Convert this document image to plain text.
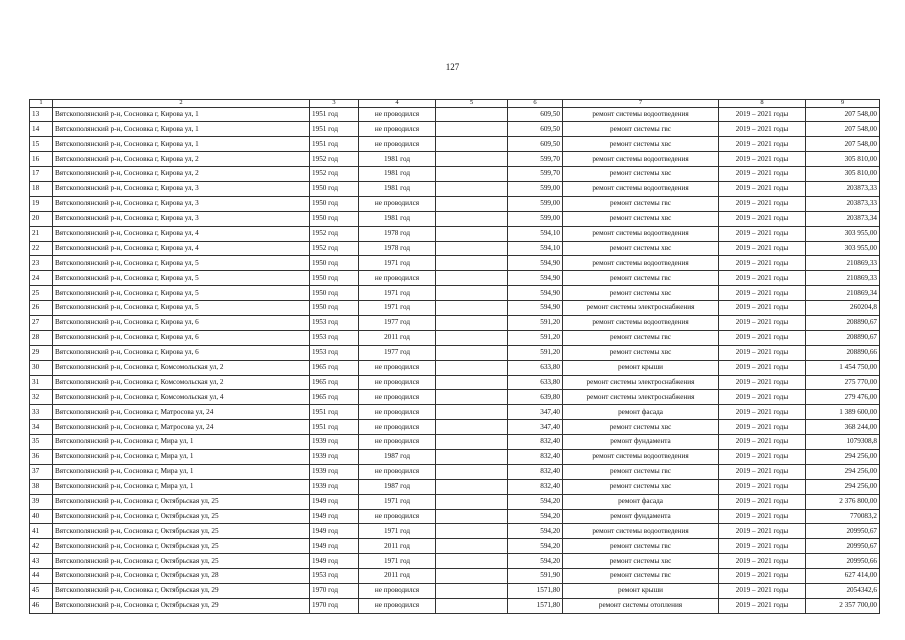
127
1	2	3	4	5	6	7	8	9
13	Вятскополянский р-н, Сосновка г, Кирова ул, 1	1951 год	не проводился		609,50	ремонт системы водоотведения	2019 – 2021 годы	207 548,00
14	Вятскополянский р-н, Сосновка г, Кирова ул, 1	1951 год	не проводился		609,50	ремонт системы гвс	2019 – 2021 годы	207 548,00
15	Вятскополянский р-н, Сосновка г, Кирова ул, 1	1951 год	не проводился		609,50	ремонт системы хвс	2019 – 2021 годы	207 548,00
16	Вятскополянский р-н, Сосновка г, Кирова ул, 2	1952 год	1981 год		599,70	ремонт системы водоотведения	2019 – 2021 годы	305 810,00
17	Вятскополянский р-н, Сосновка г, Кирова ул, 2	1952 год	1981 год		599,70	ремонт системы хвс	2019 – 2021 годы	305 810,00
18	Вятскополянский р-н, Сосновка г, Кирова ул, 3	1950 год	1981 год		599,00	ремонт системы водоотведения	2019 – 2021 годы	203873,33
19	Вятскополянский р-н, Сосновка г, Кирова ул, 3	1950 год	не проводился		599,00	ремонт системы гвс	2019 – 2021 годы	203873,33
20	Вятскополянский р-н, Сосновка г, Кирова ул, 3	1950 год	1981 год		599,00	ремонт системы хвс	2019 – 2021 годы	203873,34
21	Вятскополянский р-н, Сосновка г, Кирова ул, 4	1952 год	1978 год		594,10	ремонт системы водоотведения	2019 – 2021 годы	303 955,00
22	Вятскополянский р-н, Сосновка г, Кирова ул, 4	1952 год	1978 год		594,10	ремонт системы хвс	2019 – 2021 годы	303 955,00
23	Вятскополянский р-н, Сосновка г, Кирова ул, 5	1950 год	1971 год		594,90	ремонт системы водоотведения	2019 – 2021 годы	210869,33
24	Вятскополянский р-н, Сосновка г, Кирова ул, 5	1950 год	не проводился		594,90	ремонт системы гвс	2019 – 2021 годы	210869,33
25	Вятскополянский р-н, Сосновка г, Кирова ул, 5	1950 год	1971 год		594,90	ремонт системы хвс	2019 – 2021 годы	210869,34
26	Вятскополянский р-н, Сосновка г, Кирова ул, 5	1950 год	1971 год		594,90	ремонт системы электроснабжения	2019 – 2021 годы	260204,8
27	Вятскополянский р-н, Сосновка г, Кирова ул, 6	1953 год	1977 год		591,20	ремонт системы водоотведения	2019 – 2021 годы	208890,67
28	Вятскополянский р-н, Сосновка г, Кирова ул, 6	1953 год	2011 год		591,20	ремонт системы гвс	2019 – 2021 годы	208890,67
29	Вятскополянский р-н, Сосновка г, Кирова ул, 6	1953 год	1977 год		591,20	ремонт системы хвс	2019 – 2021 годы	208890,66
30	Вятскополянский р-н, Сосновка г, Комсомольская ул, 2	1965 год	не проводился		633,80	ремонт крыши	2019 – 2021 годы	1 454 750,00
31	Вятскополянский р-н, Сосновка г, Комсомольская ул, 2	1965 год	не проводился		633,80	ремонт системы электроснабжения	2019 – 2021 годы	275 770,00
32	Вятскополянский р-н, Сосновка г, Комсомольская ул, 4	1965 год	не проводился		639,80	ремонт системы электроснабжения	2019 – 2021 годы	279 476,00
33	Вятскополянский р-н, Сосновка г, Матросова ул, 24	1951 год	не проводился		347,40	ремонт фасада	2019 – 2021 годы	1 389 600,00
34	Вятскополянский р-н, Сосновка г, Матросова ул, 24	1951 год	не проводился		347,40	ремонт системы хвс	2019 – 2021 годы	368 244,00
35	Вятскополянский р-н, Сосновка г, Мира ул, 1	1939 год	не проводился		832,40	ремонт фундамента	2019 – 2021 годы	1079308,8
36	Вятскополянский р-н, Сосновка г, Мира ул, 1	1939 год	1987 год		832,40	ремонт системы водоотведения	2019 – 2021 годы	294 256,00
37	Вятскополянский р-н, Сосновка г, Мира ул, 1	1939 год	не проводился		832,40	ремонт системы гвс	2019 – 2021 годы	294 256,00
38	Вятскополянский р-н, Сосновка г, Мира ул, 1	1939 год	1987 год		832,40	ремонт системы хвс	2019 – 2021 годы	294 256,00
39	Вятскополянский р-н, Сосновка г, Октябрьская ул, 25	1949 год	1971 год		594,20	ремонт фасада	2019 – 2021 годы	2 376 800,00
40	Вятскополянский р-н, Сосновка г, Октябрьская ул, 25	1949 год	не проводился		594,20	ремонт фундамента	2019 – 2021 годы	770083,2
41	Вятскополянский р-н, Сосновка г, Октябрьская ул, 25	1949 год	1971 год		594,20	ремонт системы водоотведения	2019 – 2021 годы	209950,67
42	Вятскополянский р-н, Сосновка г, Октябрьская ул, 25	1949 год	2011 год		594,20	ремонт системы гвс	2019 – 2021 годы	209950,67
43	Вятскополянский р-н, Сосновка г, Октябрьская ул, 25	1949 год	1971 год		594,20	ремонт системы хвс	2019 – 2021 годы	209950,66
44	Вятскополянский р-н, Сосновка г, Октябрьская ул, 28	1953 год	2011 год		591,90	ремонт системы гвс	2019 – 2021 годы	627 414,00
45	Вятскополянский р-н, Сосновка г, Октябрьская ул, 29	1970 год	не проводился		1571,80	ремонт крыши	2019 – 2021 годы	2054342,6
46	Вятскополянский р-н, Сосновка г, Октябрьская ул, 29	1970 год	не проводился		1571,80	ремонт системы отопления	2019 – 2021 годы	2 357 700,00
